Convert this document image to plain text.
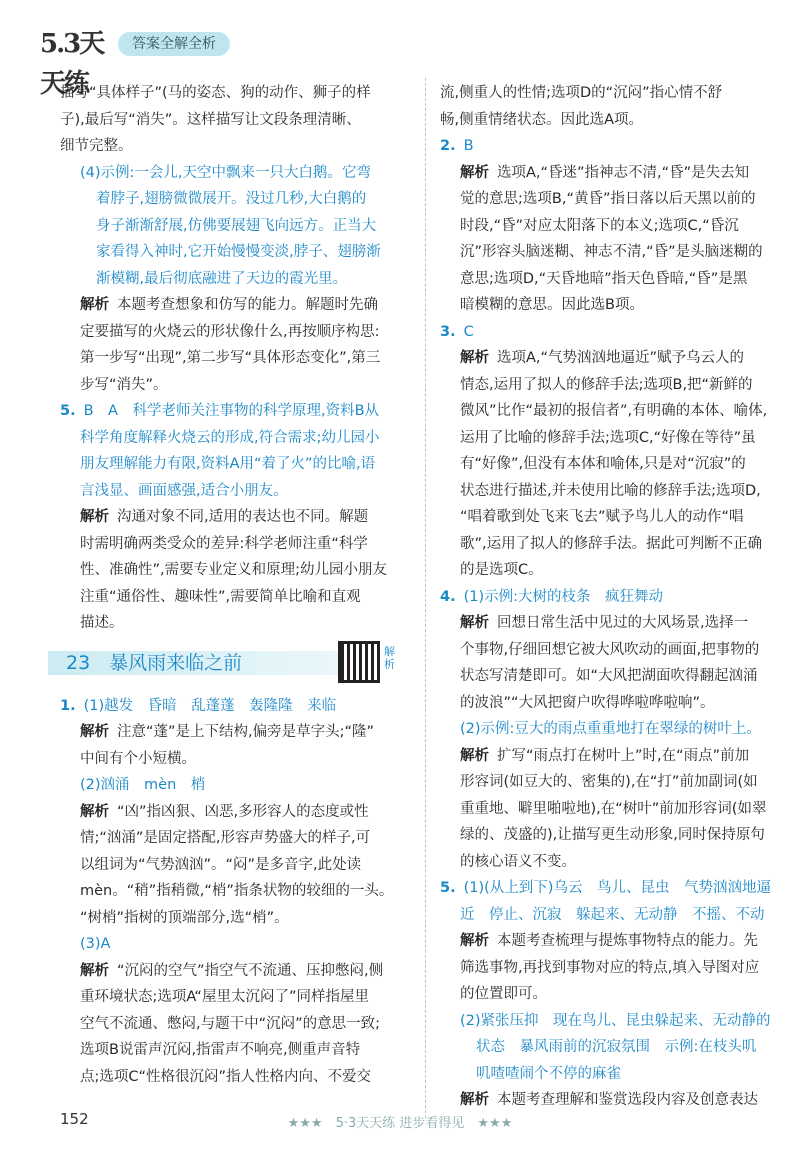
5.3天天练
答案全解全析

描写“具体样子”(马的姿态、狗的动作、狮子的样

子),最后写“消失”。这样描写让文段条理清晰、

细节完整。

(4)示例:一会儿,天空中飘来一只大白鹅。它弯

着脖子,翅膀微微展开。没过几秒,大白鹅的

身子渐渐舒展,仿佛要展翅飞向远方。正当大

家看得入神时,它开始慢慢变淡,脖子、翅膀渐

渐模糊,最后彻底融进了天边的霞光里。

解析 本题考查想象和仿写的能力。解题时先确

定要描写的火烧云的形状像什么,再按顺序构思:

第一步写“出现”,第二步写“具体形态变化”,第三

步写“消失”。

5. B　A　科学老师关注事物的科学原理,资料B从

科学角度解释火烧云的形成,符合需求;幼儿园小

朋友理解能力有限,资料A用“着了火”的比喻,语

言浅显、画面感强,适合小朋友。

解析 沟通对象不同,适用的表达也不同。解题

时需明确两类受众的差异:科学老师注重“科学

性、准确性”,需要专业定义和原理;幼儿园小朋友

注重“通俗性、趣味性”,需要简单比喻和直观

描述。

23　暴风雨来临之前
解析

1. (1)越发　昏暗　乱蓬蓬　轰隆隆　来临

解析 注意“蓬”是上下结构,偏旁是草字头;“隆”

中间有个小短横。

(2)汹涌　mèn　梢

解析 “凶”指凶狠、凶恶,多形容人的态度或性

情;“汹涌”是固定搭配,形容声势盛大的样子,可

以组词为“气势汹汹”。“闷”是多音字,此处读

mèn。“稍”指稍微,“梢”指条状物的较细的一头。

“树梢”指树的顶端部分,选“梢”。

(3)A

解析 “沉闷的空气”指空气不流通、压抑憋闷,侧

重环境状态;选项A“屋里太沉闷了”同样指屋里

空气不流通、憋闷,与题干中“沉闷”的意思一致;

选项B说雷声沉闷,指雷声不响亮,侧重声音特

点;选项C“性格很沉闷”指人性格内向、不爱交

流,侧重人的性情;选项D的“沉闷”指心情不舒

畅,侧重情绪状态。因此选A项。

2. B

解析 选项A,“昏迷”指神志不清,“昏”是失去知

觉的意思;选项B,“黄昏”指日落以后天黑以前的

时段,“昏”对应太阳落下的本义;选项C,“昏沉

沉”形容头脑迷糊、神志不清,“昏”是头脑迷糊的

意思;选项D,“天昏地暗”指天色昏暗,“昏”是黑

暗模糊的意思。因此选B项。

3. C

解析 选项A,“气势汹汹地逼近”赋予乌云人的

情态,运用了拟人的修辞手法;选项B,把“新鲜的

微风”比作“最初的报信者”,有明确的本体、喻体,

运用了比喻的修辞手法;选项C,“好像在等待”虽

有“好像”,但没有本体和喻体,只是对“沉寂”的

状态进行描述,并未使用比喻的修辞手法;选项D,

“唱着歌到处飞来飞去”赋予鸟儿人的动作“唱

歌”,运用了拟人的修辞手法。据此可判断不正确

的是选项C。

4. (1)示例:大树的枝条　疯狂舞动

解析 回想日常生活中见过的大风场景,选择一

个事物,仔细回想它被大风吹动的画面,把事物的

状态写清楚即可。如“大风把湖面吹得翻起汹涌

的波浪”“大风把窗户吹得哗啦哗啦响”。

(2)示例:豆大的雨点重重地打在翠绿的树叶上。

解析 扩写“雨点打在树叶上”时,在“雨点”前加

形容词(如豆大的、密集的),在“打”前加副词(如

重重地、噼里啪啦地),在“树叶”前加形容词(如翠

绿的、茂盛的),让描写更生动形象,同时保持原句

的核心语义不变。

5. (1)(从上到下)乌云　鸟儿、昆虫　气势汹汹地逼

近　停止、沉寂　躲起来、无动静　不摇、不动

解析 本题考查梳理与提炼事物特点的能力。先

筛选事物,再找到事物对应的特点,填入导图对应

的位置即可。

(2)紧张压抑　现在鸟儿、昆虫躲起来、无动静的

状态　暴风雨前的沉寂氛围　示例:在枝头叽

叽喳喳闹个不停的麻雀

解析 本题考查理解和鉴赏选段内容及创意表达

152	★★★　5·3天天练 进步看得见　★★★
